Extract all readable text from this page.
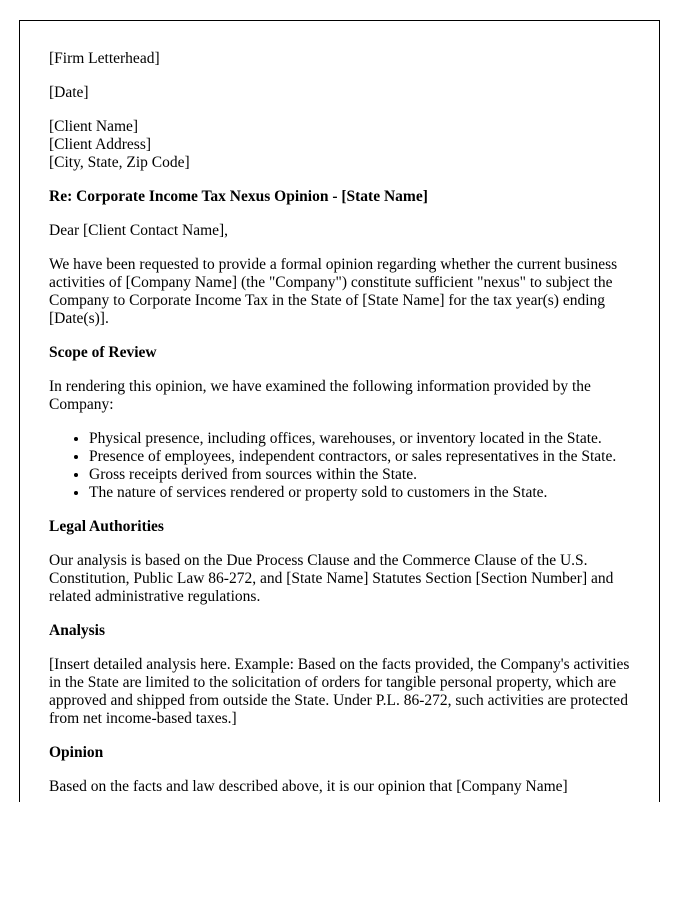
[Firm Letterhead]

[Date]

[Client Name]
[Client Address]
[City, State, Zip Code]

Re: Corporate Income Tax Nexus Opinion - [State Name]

Dear [Client Contact Name],

We have been requested to provide a formal opinion regarding whether the current business activities of [Company Name] (the "Company") constitute sufficient "nexus" to subject the Company to Corporate Income Tax in the State of [State Name] for the tax year(s) ending [Date(s)].

Scope of Review

In rendering this opinion, we have examined the following information provided by the Company:

• Physical presence, including offices, warehouses, or inventory located in the State.
• Presence of employees, independent contractors, or sales representatives in the State.
• Gross receipts derived from sources within the State.
• The nature of services rendered or property sold to customers in the State.

Legal Authorities

Our analysis is based on the Due Process Clause and the Commerce Clause of the U.S. Constitution, Public Law 86-272, and [State Name] Statutes Section [Section Number] and related administrative regulations.

Analysis

[Insert detailed analysis here. Example: Based on the facts provided, the Company's activities in the State are limited to the solicitation of orders for tangible personal property, which are approved and shipped from outside the State. Under P.L. 86-272, such activities are protected from net income-based taxes.]

Opinion

Based on the facts and law described above, it is our opinion that [Company Name]
